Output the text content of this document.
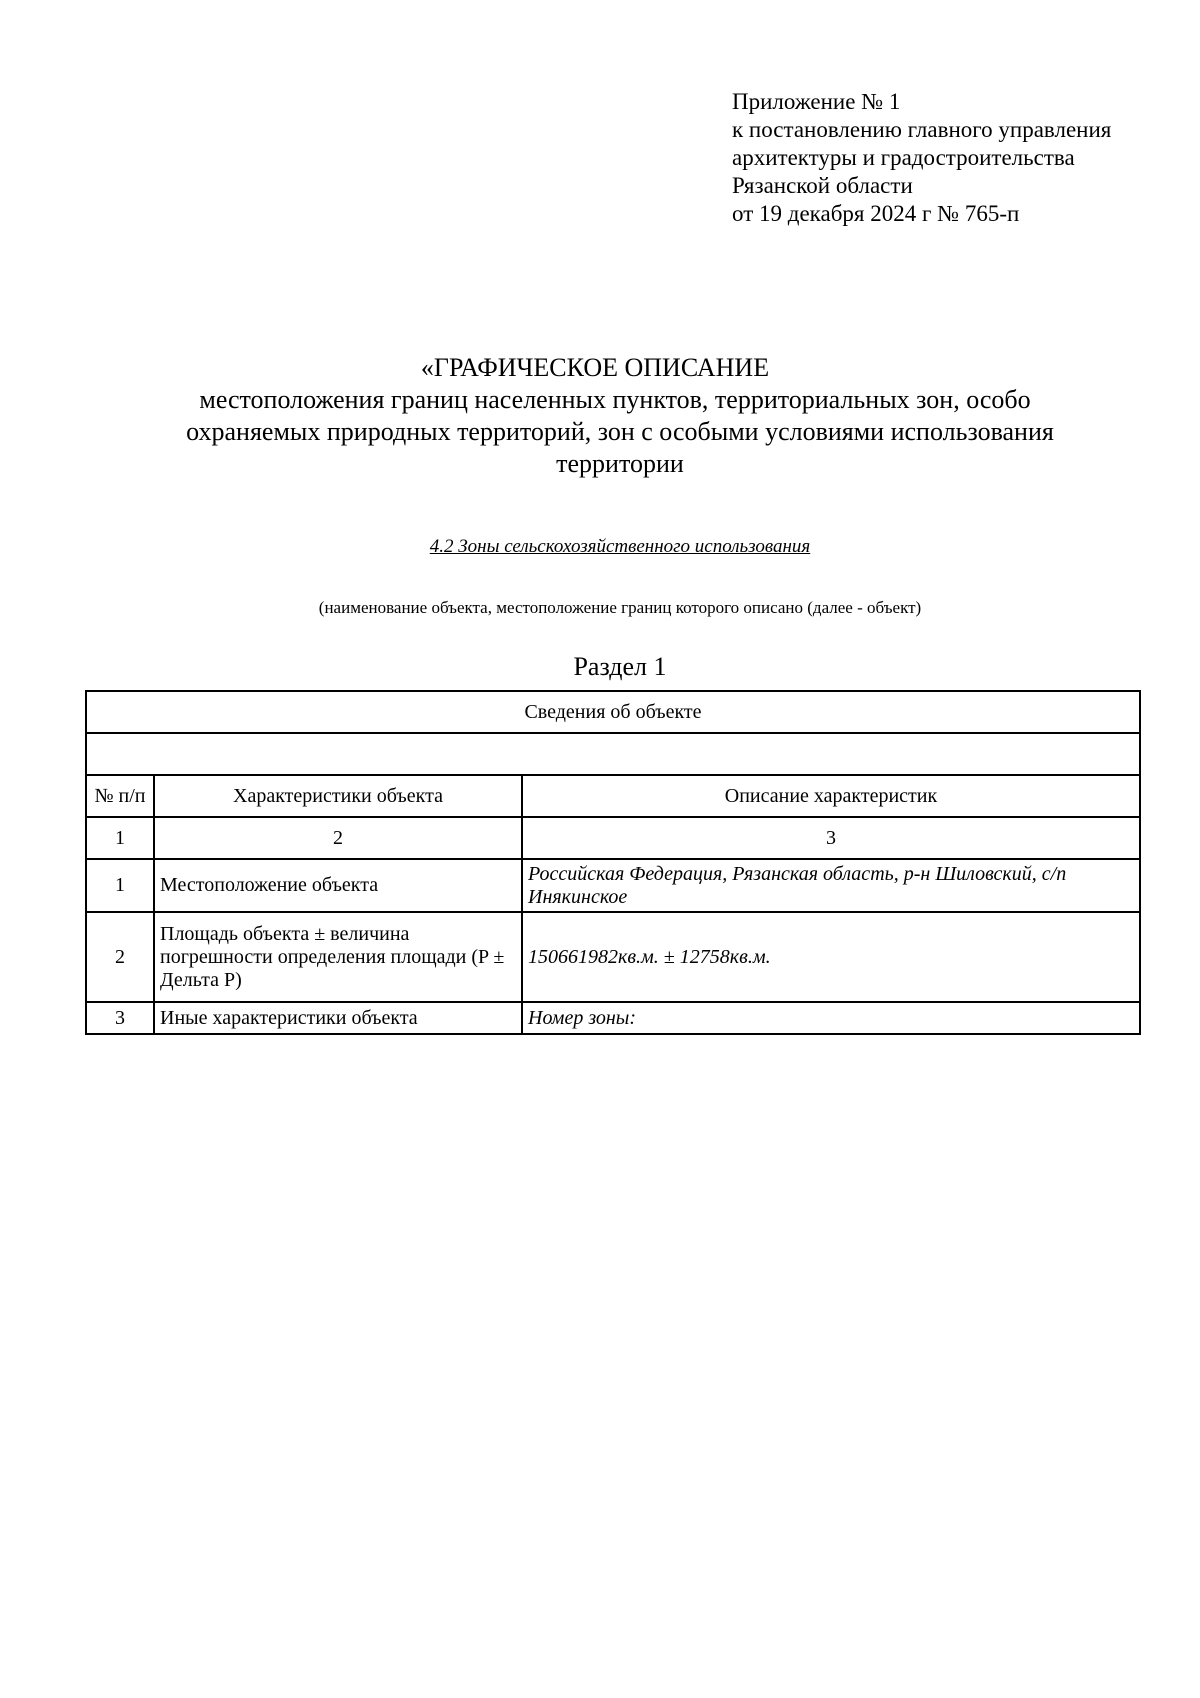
Приложение № 1
к постановлению главного управления
архитектуры и градостроительства
Рязанской области
от 19 декабря 2024 г № 765-п
«ГРАФИЧЕСКОЕ ОПИСАНИЕ
местоположения границ населенных пунктов, территориальных зон, особо
охраняемых природных территорий, зон с особыми условиями использования
территории
4.2 Зоны сельскохозяйственного использования
(наименование объекта, местоположение границ которого описано (далее - объект)
Раздел 1
Сведения об объекте		

№ п/п	Характеристики объекта	Описание характеристик
1	2	3
1	Местоположение объекта	Российская Федерация, Рязанская область, р-н Шиловский, с/п Инякинское
2	Площадь объекта ± величина погрешности определения площади (P ± Дельта P)	150661982кв.м. ± 12758кв.м.
3	Иные характеристики объекта	Номер зоны:
